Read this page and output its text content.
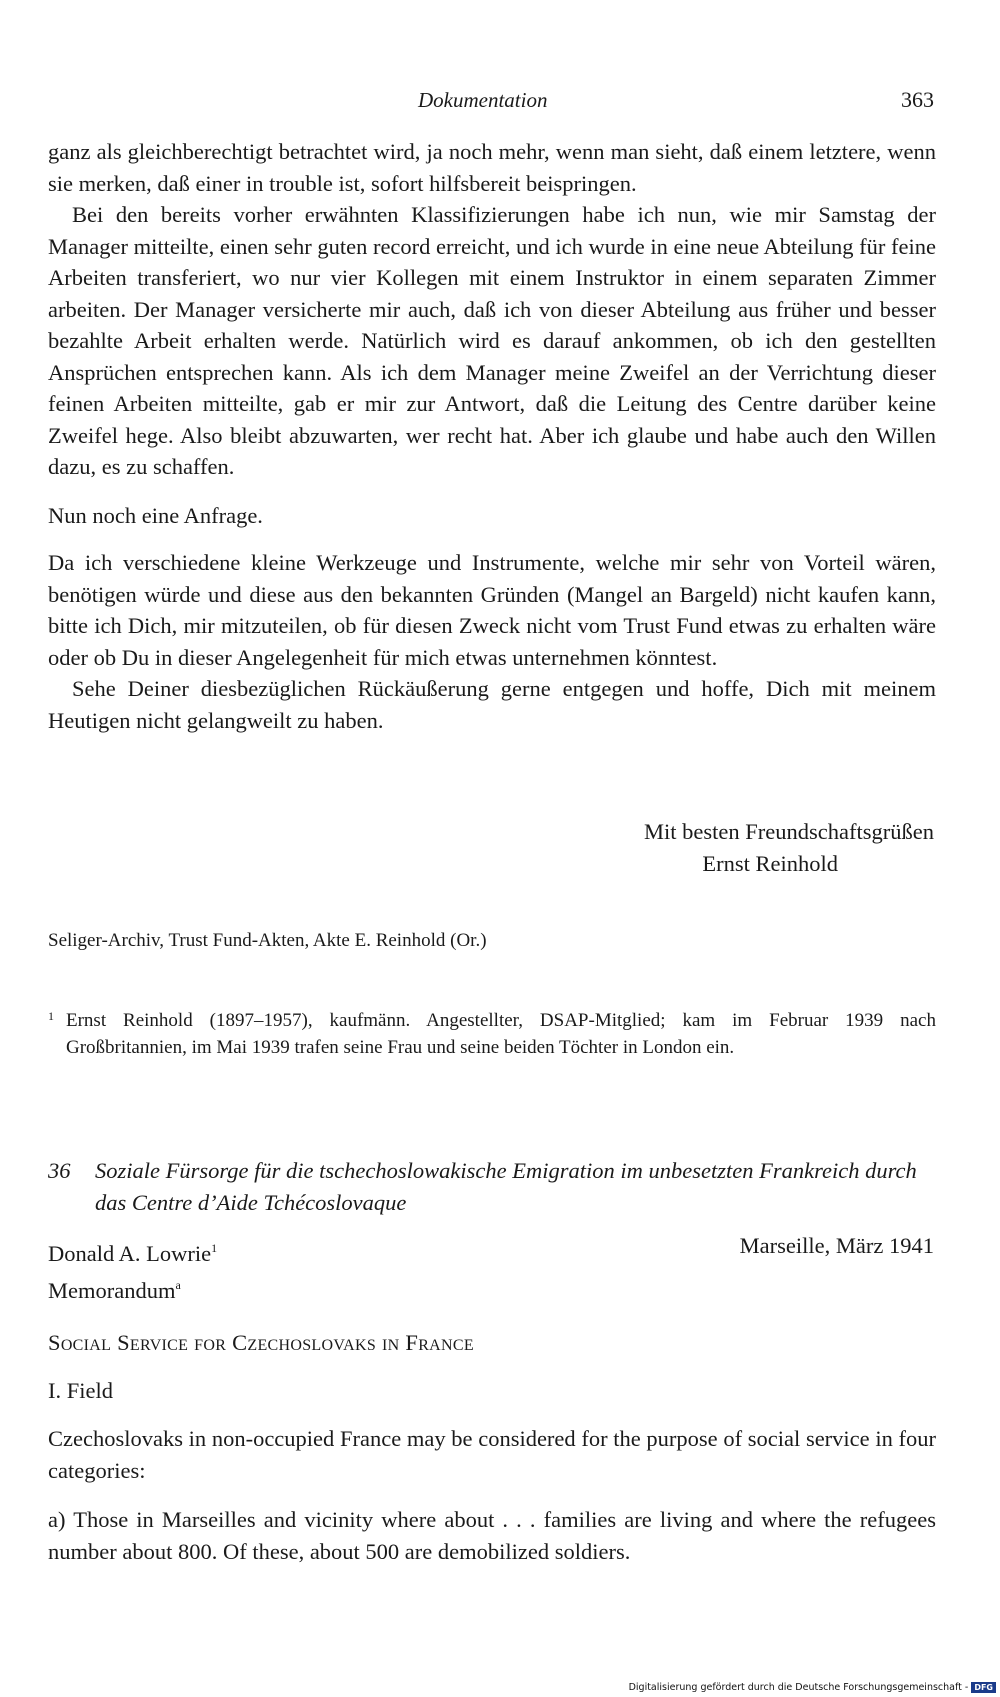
Dokumentation	363

ganz als gleichberechtigt betrachtet wird, ja noch mehr, wenn man sieht, daß einem letztere, wenn sie merken, daß einer in trouble ist, sofort hilfsbereit beispringen.

Bei den bereits vorher erwähnten Klassifizierungen habe ich nun, wie mir Samstag der Manager mitteilte, einen sehr guten record erreicht, und ich wurde in eine neue Abteilung für feine Arbeiten transferiert, wo nur vier Kollegen mit einem Instruktor in einem separaten Zimmer arbeiten. Der Manager versicherte mir auch, daß ich von dieser Abteilung aus früher und besser bezahlte Arbeit erhalten werde. Natürlich wird es darauf ankommen, ob ich den gestellten Ansprüchen entsprechen kann. Als ich dem Manager meine Zweifel an der Verrichtung dieser feinen Arbeiten mitteilte, gab er mir zur Antwort, daß die Leitung des Centre darüber keine Zweifel hege. Also bleibt abzuwarten, wer recht hat. Aber ich glaube und habe auch den Willen dazu, es zu schaffen.

Nun noch eine Anfrage.

Da ich verschiedene kleine Werkzeuge und Instrumente, welche mir sehr von Vorteil wären, benötigen würde und diese aus den bekannten Gründen (Mangel an Bargeld) nicht kaufen kann, bitte ich Dich, mir mitzuteilen, ob für diesen Zweck nicht vom Trust Fund etwas zu erhalten wäre oder ob Du in dieser Angelegenheit für mich etwas unternehmen könntest.

Sehe Deiner diesbezüglichen Rückäußerung gerne entgegen und hoffe, Dich mit meinem Heutigen nicht gelangweilt zu haben.

Mit besten Freundschaftsgrüßen
Ernst Reinhold
Seliger-Archiv, Trust Fund-Akten, Akte E. Reinhold (Or.)
1 Ernst Reinhold (1897–1957), kaufmänn. Angestellter, DSAP-Mitglied; kam im Februar 1939 nach Großbritannien, im Mai 1939 trafen seine Frau und seine beiden Töchter in London ein.
36	Soziale Fürsorge für die tschechoslowakische Emigration im unbesetzten Frankreich durch das Centre d’Aide Tchécoslovaque
Donald A. Lowrie$^1$
Memorandum$^a$
Marseille, März 1941
Social Service for Czechoslovaks in France
I. Field

Czechoslovaks in non-occupied France may be considered for the purpose of social service in four categories:

a) Those in Marseilles and vicinity where about . . . families are living and where the refugees number about 800. Of these, about 500 are demobilized soldiers.

Digitalisierung gefördert durch die Deutsche Forschungsgemeinschaft - DFG
